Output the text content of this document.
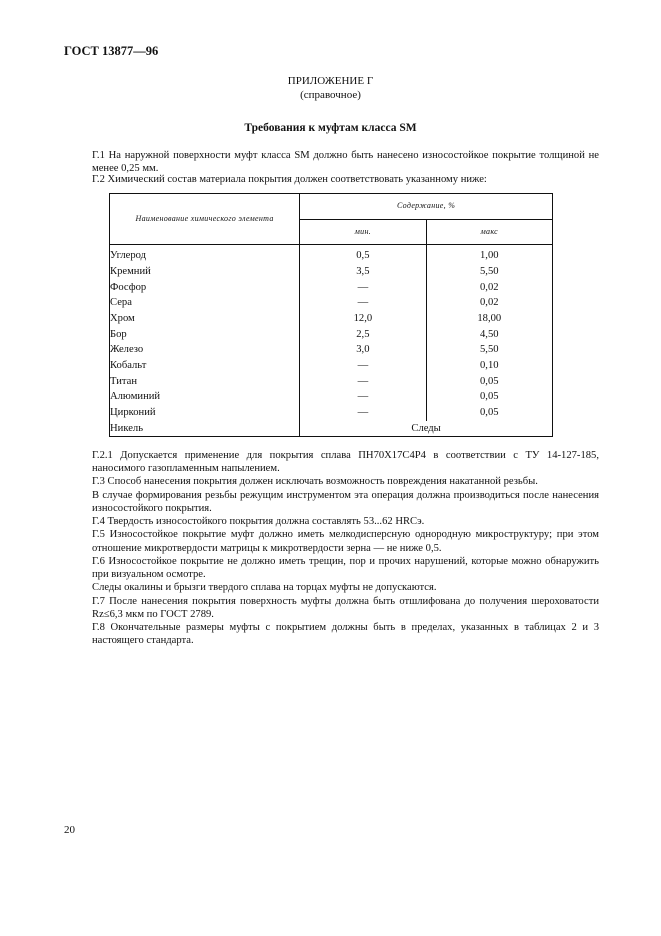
ГОСТ 13877—96
ПРИЛОЖЕНИЕ Г
(справочное)
Требования к муфтам класса SM
Г.1 На наружной поверхности муфт класса SM должно быть нанесено износостойкое покрытие толщиной не менее 0,25 мм.
Г.2 Химический состав материала покрытия должен соответствовать указанному ниже:
Наименование химического элемента	Содержание, %	
	мин.	макс
Углерод	0,5	1,00
Кремний	3,5	5,50
Фосфор	—	0,02
Сера	—	0,02
Хром	12,0	18,00
Бор	2,5	4,50
Железо	3,0	5,50
Кобальт	—	0,10
Титан	—	0,05
Алюминий	—	0,05
Цирконий	—	0,05
Никель	Следы	

Г.2.1 Допускается применение для покрытия сплава ПН70Х17С4Р4 в соответствии с ТУ 14-127-185, наносимого газопламенным напылением.

Г.3 Способ нанесения покрытия должен исключать возможность повреждения накатанной резьбы.

В случае формирования резьбы режущим инструментом эта операция должна производиться после нанесения износостойкого покрытия.

Г.4 Твердость износостойкого покрытия должна составлять 53...62 HRCэ.

Г.5 Износостойкое покрытие муфт должно иметь мелкодисперсную однородную микроструктуру; при этом отношение микротвердости матрицы к микротвердости зерна — не ниже 0,5.

Г.6 Износостойкое покрытие не должно иметь трещин, пор и прочих нарушений, которые можно обнаружить при визуальном осмотре.

Следы окалины и брызги твердого сплава на торцах муфты не допускаются.

Г.7 После нанесения покрытия поверхность муфты должна быть отшлифована до получения шероховатости Rz≤6,3 мкм по ГОСТ 2789.

Г.8 Окончательные размеры муфты с покрытием должны быть в пределах, указанных в таблицах 2 и 3 настоящего стандарта.

20
